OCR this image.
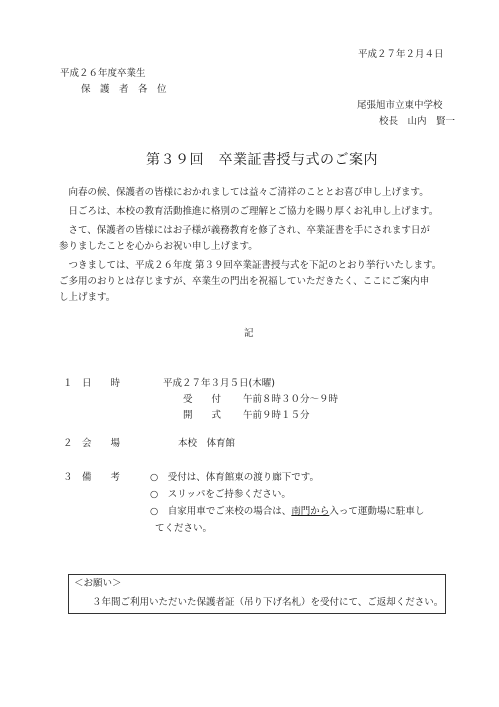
平成２７年２月４日
平成２６年度卒業生
保　護　者　各　位
尾張旭市立東中学校
校長　山内　賢一
第３９回　卒業証書授与式のご案内
　向春の候、保護者の皆様におかれましては益々ご清祥のこととお喜び申し上げます。
　日ごろは、本校の教育活動推進に格別のご理解とご協力を賜り厚くお礼申し上げます。
　さて、保護者の皆様にはお子様が義務教育を修了され、卒業証書を手にされます日が
参りましたことを心からお祝い申し上げます。
　つきましては、平成２６年度 第３９回卒業証書授与式を下記のとおり挙行いたします。
ご多用のおりとは存じますが、卒業生の門出を祝福していただきたく、ここにご案内申
し上げます。
記
１　日　　時	平成２７年３月５日(木曜)
受　　付 午前８時３０分～９時
開　　式 午前９時１５分
２　会　　場	本校　体育館
３　備　　考	○　受付は、体育館東の渡り廊下です。
○　スリッパをご持参ください。
○　自家用車でご来校の場合は、南門から入って運動場に駐車し
てください。
＜お願い＞
３年間ご利用いただいた保護者証（吊り下げ名札）を受付にて、ご返却ください。
